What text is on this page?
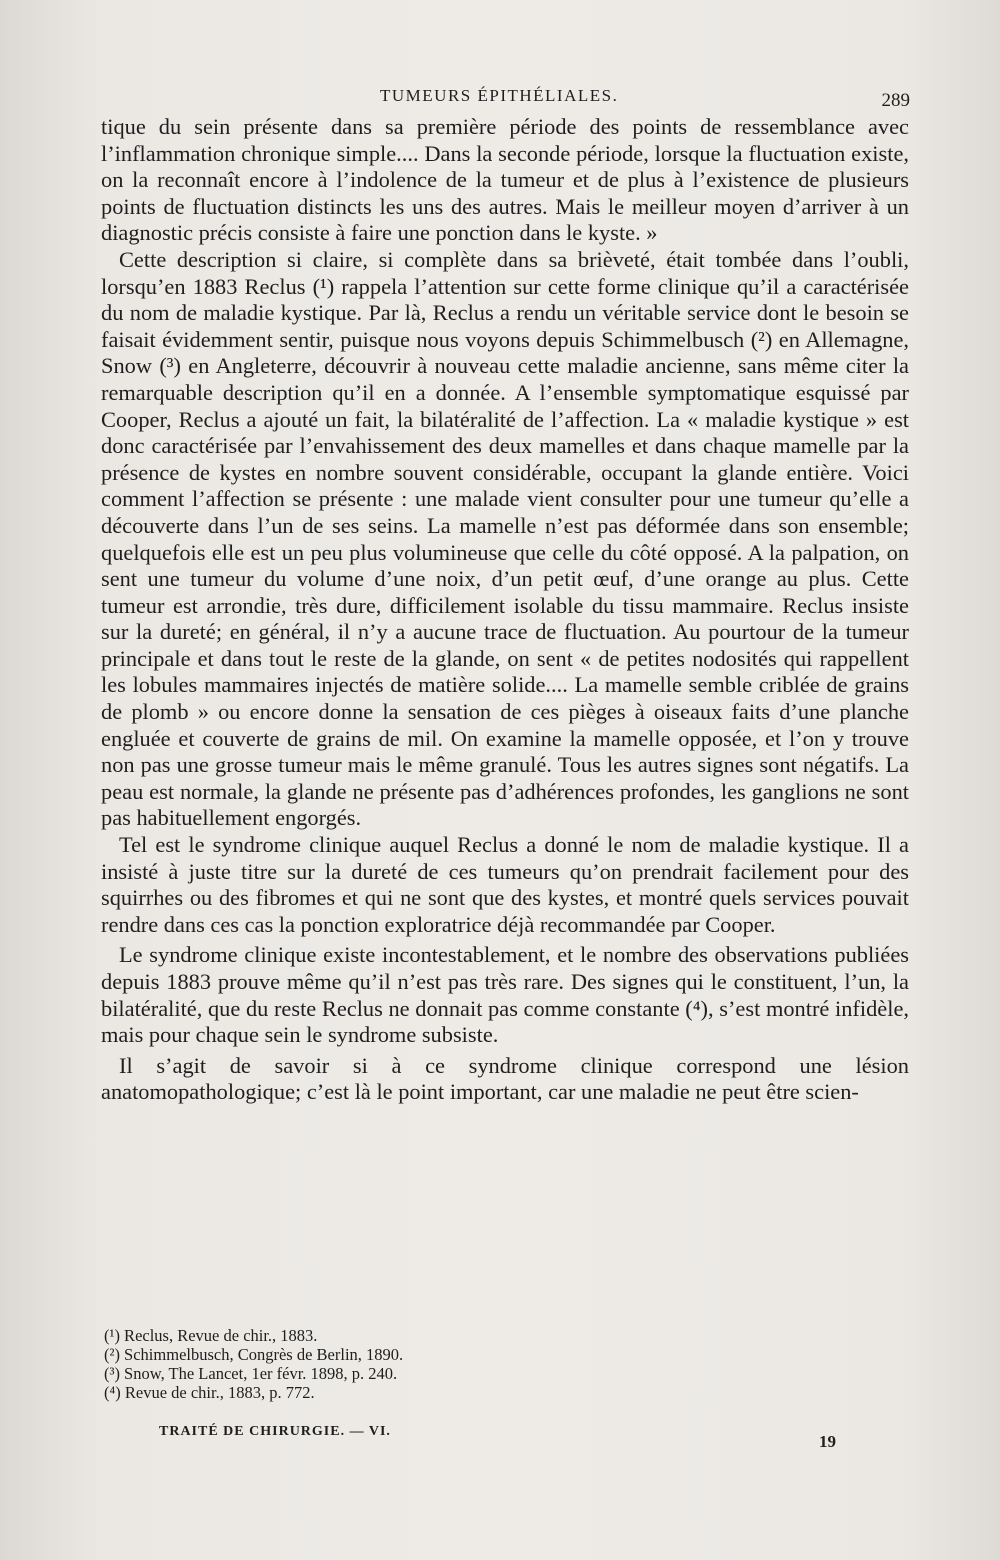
TUMEURS ÉPITHÉLIALES.	289

tique du sein présente dans sa première période des points de ressemblance avec l’inflammation chronique simple.... Dans la seconde période, lorsque la fluctuation existe, on la reconnaît encore à l’indolence de la tumeur et de plus à l’existence de plusieurs points de fluctuation distincts les uns des autres. Mais le meilleur moyen d’arriver à un diagnostic précis consiste à faire une ponction dans le kyste. »

Cette description si claire, si complète dans sa brièveté, était tombée dans l’oubli, lorsqu’en 1883 Reclus (¹) rappela l’attention sur cette forme clinique qu’il a caractérisée du nom de maladie kystique. Par là, Reclus a rendu un véritable service dont le besoin se faisait évidemment sentir, puisque nous voyons depuis Schimmelbusch (²) en Allemagne, Snow (³) en Angleterre, découvrir à nouveau cette maladie ancienne, sans même citer la remarquable description qu’il en a donnée. A l’ensemble symptomatique esquissé par Cooper, Reclus a ajouté un fait, la bilatéralité de l’affection. La « maladie kystique » est donc caractérisée par l’envahissement des deux mamelles et dans chaque mamelle par la présence de kystes en nombre souvent considérable, occupant la glande entière. Voici comment l’affection se présente : une malade vient consulter pour une tumeur qu’elle a découverte dans l’un de ses seins. La mamelle n’est pas déformée dans son ensemble; quelquefois elle est un peu plus volumineuse que celle du côté opposé. A la palpation, on sent une tumeur du volume d’une noix, d’un petit œuf, d’une orange au plus. Cette tumeur est arrondie, très dure, difficilement isolable du tissu mammaire. Reclus insiste sur la dureté; en général, il n’y a aucune trace de fluctuation. Au pourtour de la tumeur principale et dans tout le reste de la glande, on sent « de petites nodosités qui rappellent les lobules mammaires injectés de matière solide.... La mamelle semble criblée de grains de plomb » ou encore donne la sensation de ces pièges à oiseaux faits d’une planche engluée et couverte de grains de mil. On examine la mamelle opposée, et l’on y trouve non pas une grosse tumeur mais le même granulé. Tous les autres signes sont négatifs. La peau est normale, la glande ne présente pas d’adhérences profondes, les ganglions ne sont pas habituellement engorgés.

Tel est le syndrome clinique auquel Reclus a donné le nom de maladie kystique. Il a insisté à juste titre sur la dureté de ces tumeurs qu’on prendrait facilement pour des squirrhes ou des fibromes et qui ne sont que des kystes, et montré quels services pouvait rendre dans ces cas la ponction exploratrice déjà recommandée par Cooper.

Le syndrome clinique existe incontestablement, et le nombre des observations publiées depuis 1883 prouve même qu’il n’est pas très rare. Des signes qui le constituent, l’un, la bilatéralité, que du reste Reclus ne donnait pas comme constante (⁴), s’est montré infidèle, mais pour chaque sein le syndrome subsiste.

Il s’agit de savoir si à ce syndrome clinique correspond une lésion anatomopathologique; c’est là le point important, car une maladie ne peut être scien-

(¹) Reclus, Revue de chir., 1883.
(²) Schimmelbusch, Congrès de Berlin, 1890.
(³) Snow, The Lancet, 1er févr. 1898, p. 240.
(⁴) Revue de chir., 1883, p. 772.
TRAITÉ DE CHIRURGIE. — VI.
19
